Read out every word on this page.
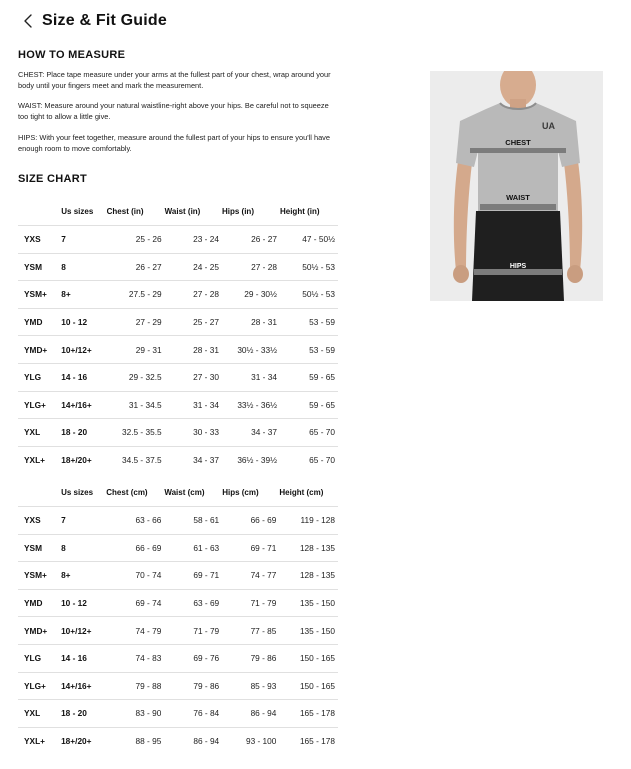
Size & Fit Guide
HOW TO MEASURE
CHEST: Place tape measure under your arms at the fullest part of your chest, wrap around your body until your fingers meet and mark the measurement.
WAIST: Measure around your natural waistline-right above your hips. Be careful not to squeeze too tight to allow a little give.
HIPS: With your feet together, measure around the fullest part of your hips to ensure you'll have enough room to move comfortably.
SIZE CHART
	Us sizes	Chest (in)	Waist (in)	Hips (in)	Height (in)
YXS	7	25 - 26	23 - 24	26 - 27	47 - 50½
YSM	8	26 - 27	24 - 25	27 - 28	50½ - 53
YSM+	8+	27.5 - 29	27 - 28	29 - 30½	50½ - 53
YMD	10 - 12	27 - 29	25 - 27	28 - 31	53 - 59
YMD+	10+/12+	29 - 31	28 - 31	30½ - 33½	53 - 59
YLG	14 - 16	29 - 32.5	27 - 30	31 - 34	59 - 65
YLG+	14+/16+	31 - 34.5	31 - 34	33½ - 36½	59 - 65
YXL	18 - 20	32.5 - 35.5	30 - 33	34 - 37	65 - 70
YXL+	18+/20+	34.5 - 37.5	34 - 37	36½ - 39½	65 - 70
	Us sizes	Chest (cm)	Waist (cm)	Hips (cm)	Height (cm)
YXS	7	63 - 66	58 - 61	66 - 69	119 - 128
YSM	8	66 - 69	61 - 63	69 - 71	128 - 135
YSM+	8+	70 - 74	69 - 71	74 - 77	128 - 135
YMD	10 - 12	69 - 74	63 - 69	71 - 79	135 - 150
YMD+	10+/12+	74 - 79	71 - 79	77 - 85	135 - 150
YLG	14 - 16	74 - 83	69 - 76	79 - 86	150 - 165
YLG+	14+/16+	79 - 88	79 - 86	85 - 93	150 - 165
YXL	18 - 20	83 - 90	76 - 84	86 - 94	165 - 178
YXL+	18+/20+	88 - 95	86 - 94	93 - 100	165 - 178
UA
CHEST
WAIST
HIPS
